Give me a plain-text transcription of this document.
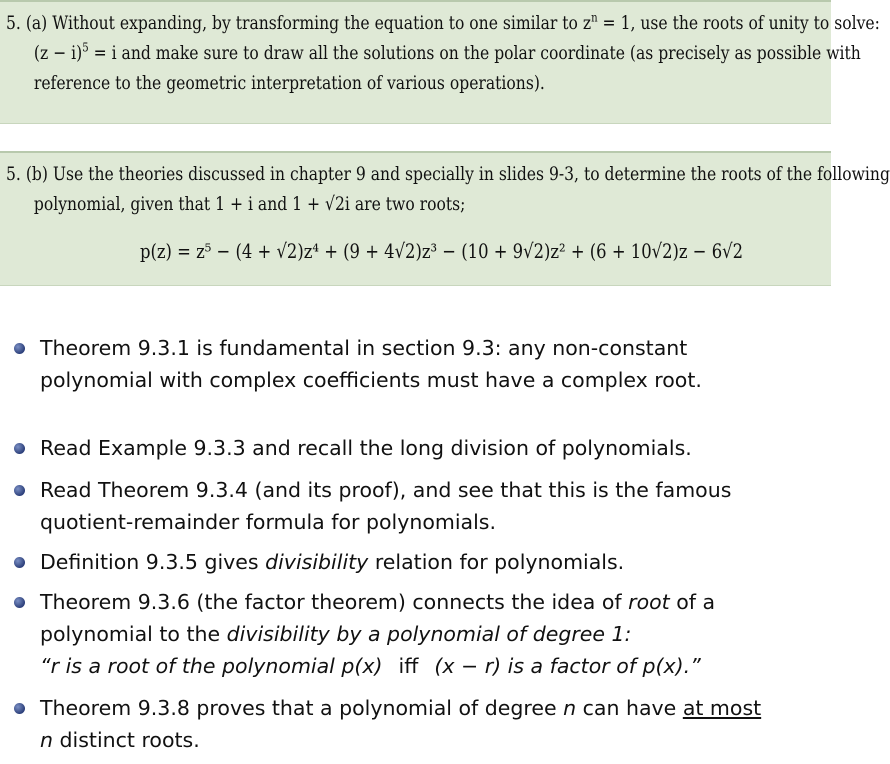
5. (a) Without expanding, by transforming the equation to one similar to $z^n = 1$, use the roots of unity to solve:
$(z - i)^5 = i$ and make sure to draw all the solutions on the polar coordinate (as precisely as possible with
reference to the geometric interpretation of various operations).

5. (b) Use the theories discussed in chapter 9 and specially in slides 9-3, to determine the roots of the following
polynomial, given that 1 + i and 1 + √2i are two roots;

p(z) = z⁵ − (4 + √2)z⁴ + (9 + 4√2)z³ − (10 + 9√2)z² + (6 + 10√2)z − 6√2
Theorem 9.3.1 is fundamental in section 9.3: any non-constant
polynomial with complex coefficients must have a complex root.
Read Example 9.3.3 and recall the long division of polynomials.
Read Theorem 9.3.4 (and its proof), and see that this is the famous
quotient-remainder formula for polynomials.
Definition 9.3.5 gives divisibility relation for polynomials.
Theorem 9.3.6 (the factor theorem) connects the idea of root of a
polynomial to the divisibility by a polynomial of degree 1:
“r is a root of the polynomial p(x) iff (x − r) is a factor of p(x).”
Theorem 9.3.8 proves that a polynomial of degree n can have at most
n distinct roots.
